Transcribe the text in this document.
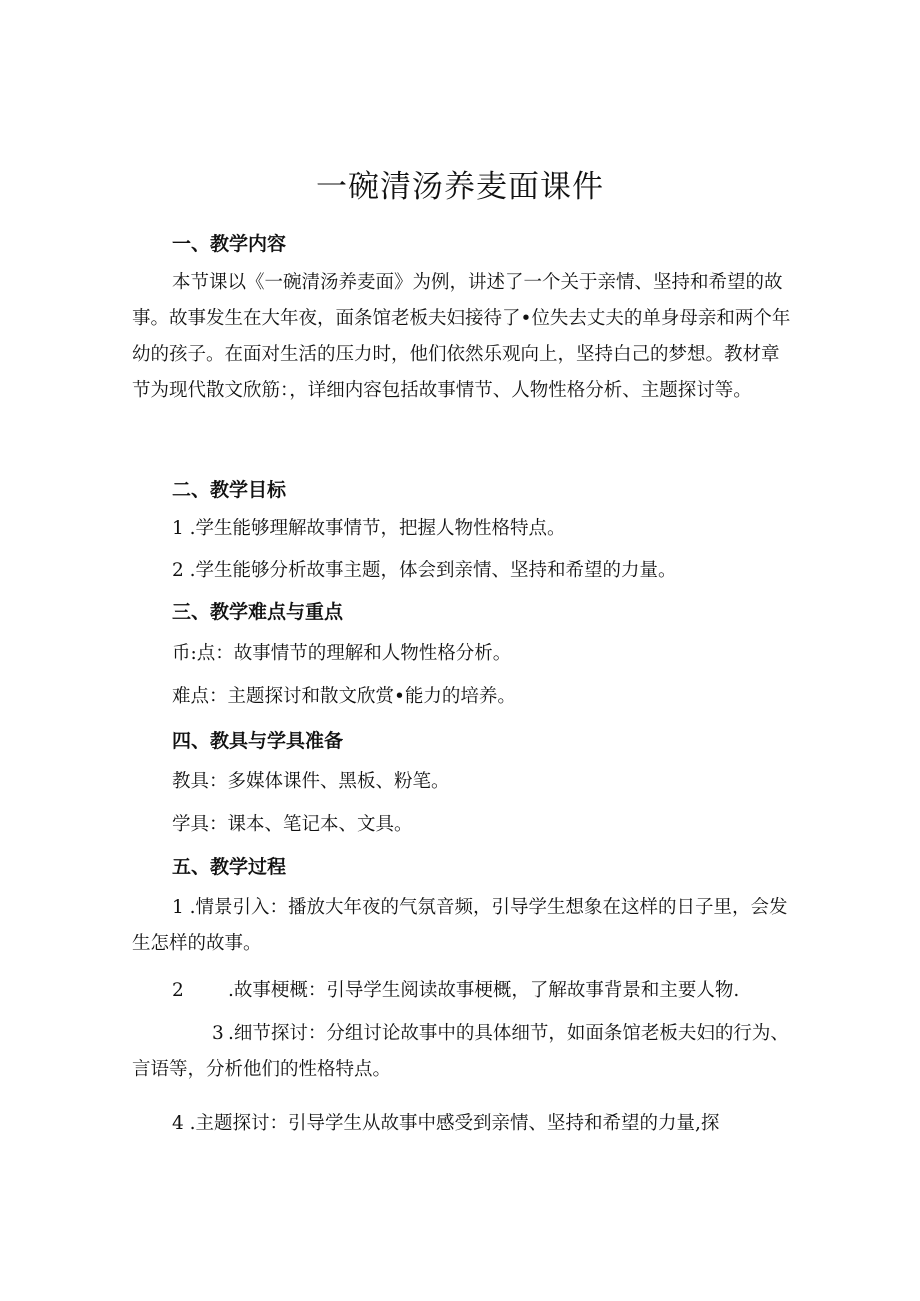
一碗清汤养麦面课件
一、教学内容
本节课以《一碗清汤养麦面》为例，讲述了一个关于亲情、坚持和希望的故事。故事发生在大年夜，面条馆老板夫妇接待了•位失去丈夫的单身母亲和两个年幼的孩子。在面对生活的压力时，他们依然乐观向上，坚持白己的梦想。教材章节为现代散文欣筋：，详细内容包括故事情节、人物性格分析、主题探讨等。
二、教学目标
1 .学生能够理解故事情节，把握人物性格特点。
2 .学生能够分析故事主题，体会到亲情、坚持和希望的力量。
三、教学难点与重点
币:点：故事情节的理解和人物性格分析。
难点：主题探讨和散文欣赏•能力的培养。
四、教具与学具准备
教具：多媒体课件、黑板、粉笔。
学具：课本、笔记本、文具。
五、教学过程
1 .情景引入：播放大年夜的气氛音频，引导学生想象在这样的日子里，会发生怎样的故事。
2 .故事梗概：引导学生阅读故事梗概，了解故事背景和主要人物.
3 .细节探讨：分组讨论故事中的具体细节，如面条馆老板夫妇的行为、言语等，分析他们的性格特点。
4 .主题探讨：引导学生从故事中感受到亲情、坚持和希望的力量,探
